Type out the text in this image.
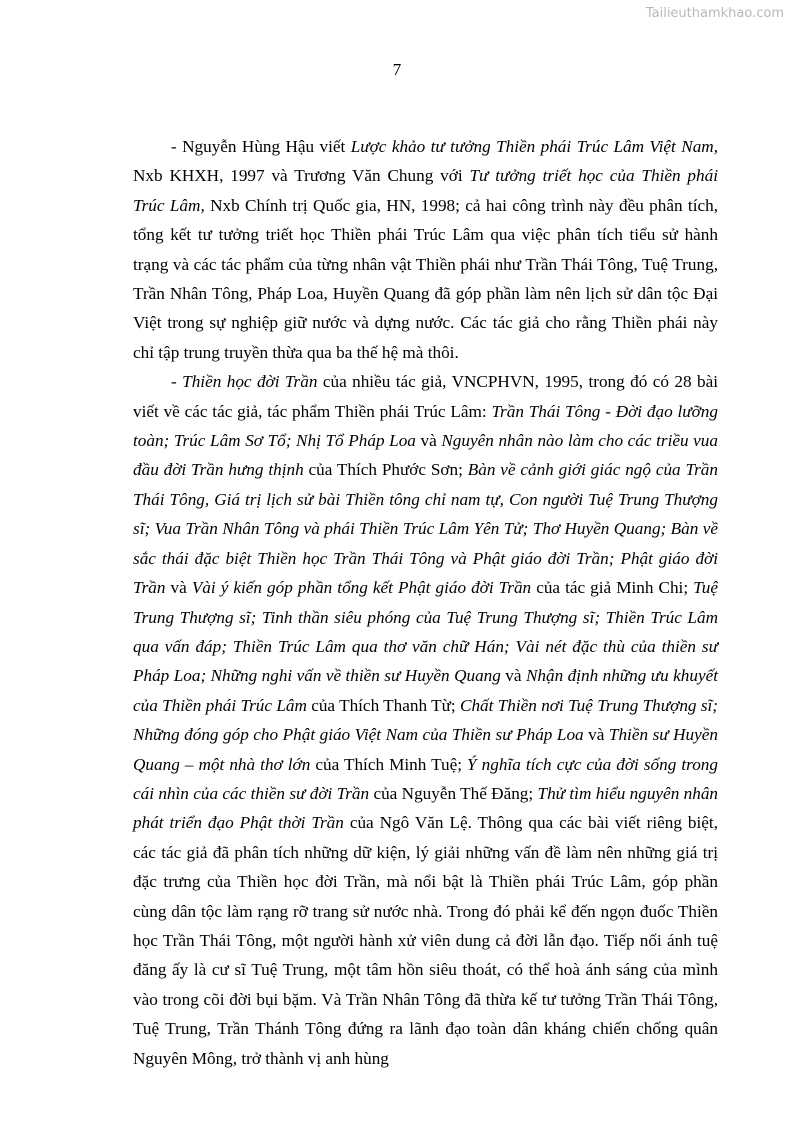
Tailieuthamkhao.com
7

- Nguyễn Hùng Hậu viết Lược khảo tư tưởng Thiền phái Trúc Lâm Việt Nam, Nxb KHXH, 1997 và Trương Văn Chung với Tư tưởng triết học của Thiền phái Trúc Lâm, Nxb Chính trị Quốc gia, HN, 1998; cả hai công trình này đều phân tích, tổng kết tư tưởng triết học Thiền phái Trúc Lâm qua việc phân tích tiểu sử hành trạng và các tác phẩm của từng nhân vật Thiền phái như Trần Thái Tông, Tuệ Trung, Trần Nhân Tông, Pháp Loa, Huyền Quang đã góp phần làm nên lịch sử dân tộc Đại Việt trong sự nghiệp giữ nước và dựng nước. Các tác giả cho rằng Thiền phái này chỉ tập trung truyền thừa qua ba thế hệ mà thôi.

- Thiền học đời Trần của nhiều tác giả, VNCPHVN, 1995, trong đó có 28 bài viết về các tác giả, tác phẩm Thiền phái Trúc Lâm: Trần Thái Tông - Đời đạo lưỡng toàn; Trúc Lâm Sơ Tổ; Nhị Tổ Pháp Loa và Nguyên nhân nào làm cho các triều vua đầu đời Trần hưng thịnh của Thích Phước Sơn; Bàn về cảnh giới giác ngộ của Trần Thái Tông, Giá trị lịch sử bài Thiền tông chỉ nam tự, Con người Tuệ Trung Thượng sĩ; Vua Trần Nhân Tông và phái Thiền Trúc Lâm Yên Tử; Thơ Huyền Quang; Bàn về sắc thái đặc biệt Thiền học Trần Thái Tông và Phật giáo đời Trần; Phật giáo đời Trần và Vài ý kiến góp phần tổng kết Phật giáo đời Trần của tác giả Minh Chi; Tuệ Trung Thượng sĩ; Tinh thần siêu phóng của Tuệ Trung Thượng sĩ; Thiền Trúc Lâm qua vấn đáp; Thiền Trúc Lâm qua thơ văn chữ Hán; Vài nét đặc thù của thiền sư Pháp Loa; Những nghi vấn về thiền sư Huyền Quang và Nhận định những ưu khuyết của Thiền phái Trúc Lâm của Thích Thanh Từ; Chất Thiền nơi Tuệ Trung Thượng sĩ; Những đóng góp cho Phật giáo Việt Nam của Thiền sư Pháp Loa và Thiền sư Huyền Quang – một nhà thơ lớn của Thích Minh Tuệ; Ý nghĩa tích cực của đời sống trong cái nhìn của các thiền sư đời Trần của Nguyễn Thế Đăng; Thử tìm hiểu nguyên nhân phát triển đạo Phật thời Trần của Ngô Văn Lệ. Thông qua các bài viết riêng biệt, các tác giả đã phân tích những dữ kiện, lý giải những vấn đề làm nên những giá trị đặc trưng của Thiền học đời Trần, mà nổi bật là Thiền phái Trúc Lâm, góp phần cùng dân tộc làm rạng rỡ trang sử nước nhà. Trong đó phải kể đến ngọn đuốc Thiền học Trần Thái Tông, một người hành xử viên dung cả đời lẫn đạo. Tiếp nối ánh tuệ đăng ấy là cư sĩ Tuệ Trung, một tâm hồn siêu thoát, có thể hoà ánh sáng của mình vào trong cõi đời bụi bặm. Và Trần Nhân Tông đã thừa kế tư tưởng Trần Thái Tông, Tuệ Trung, Trần Thánh Tông đứng ra lãnh đạo toàn dân kháng chiến chống quân Nguyên Mông, trở thành vị anh hùng
